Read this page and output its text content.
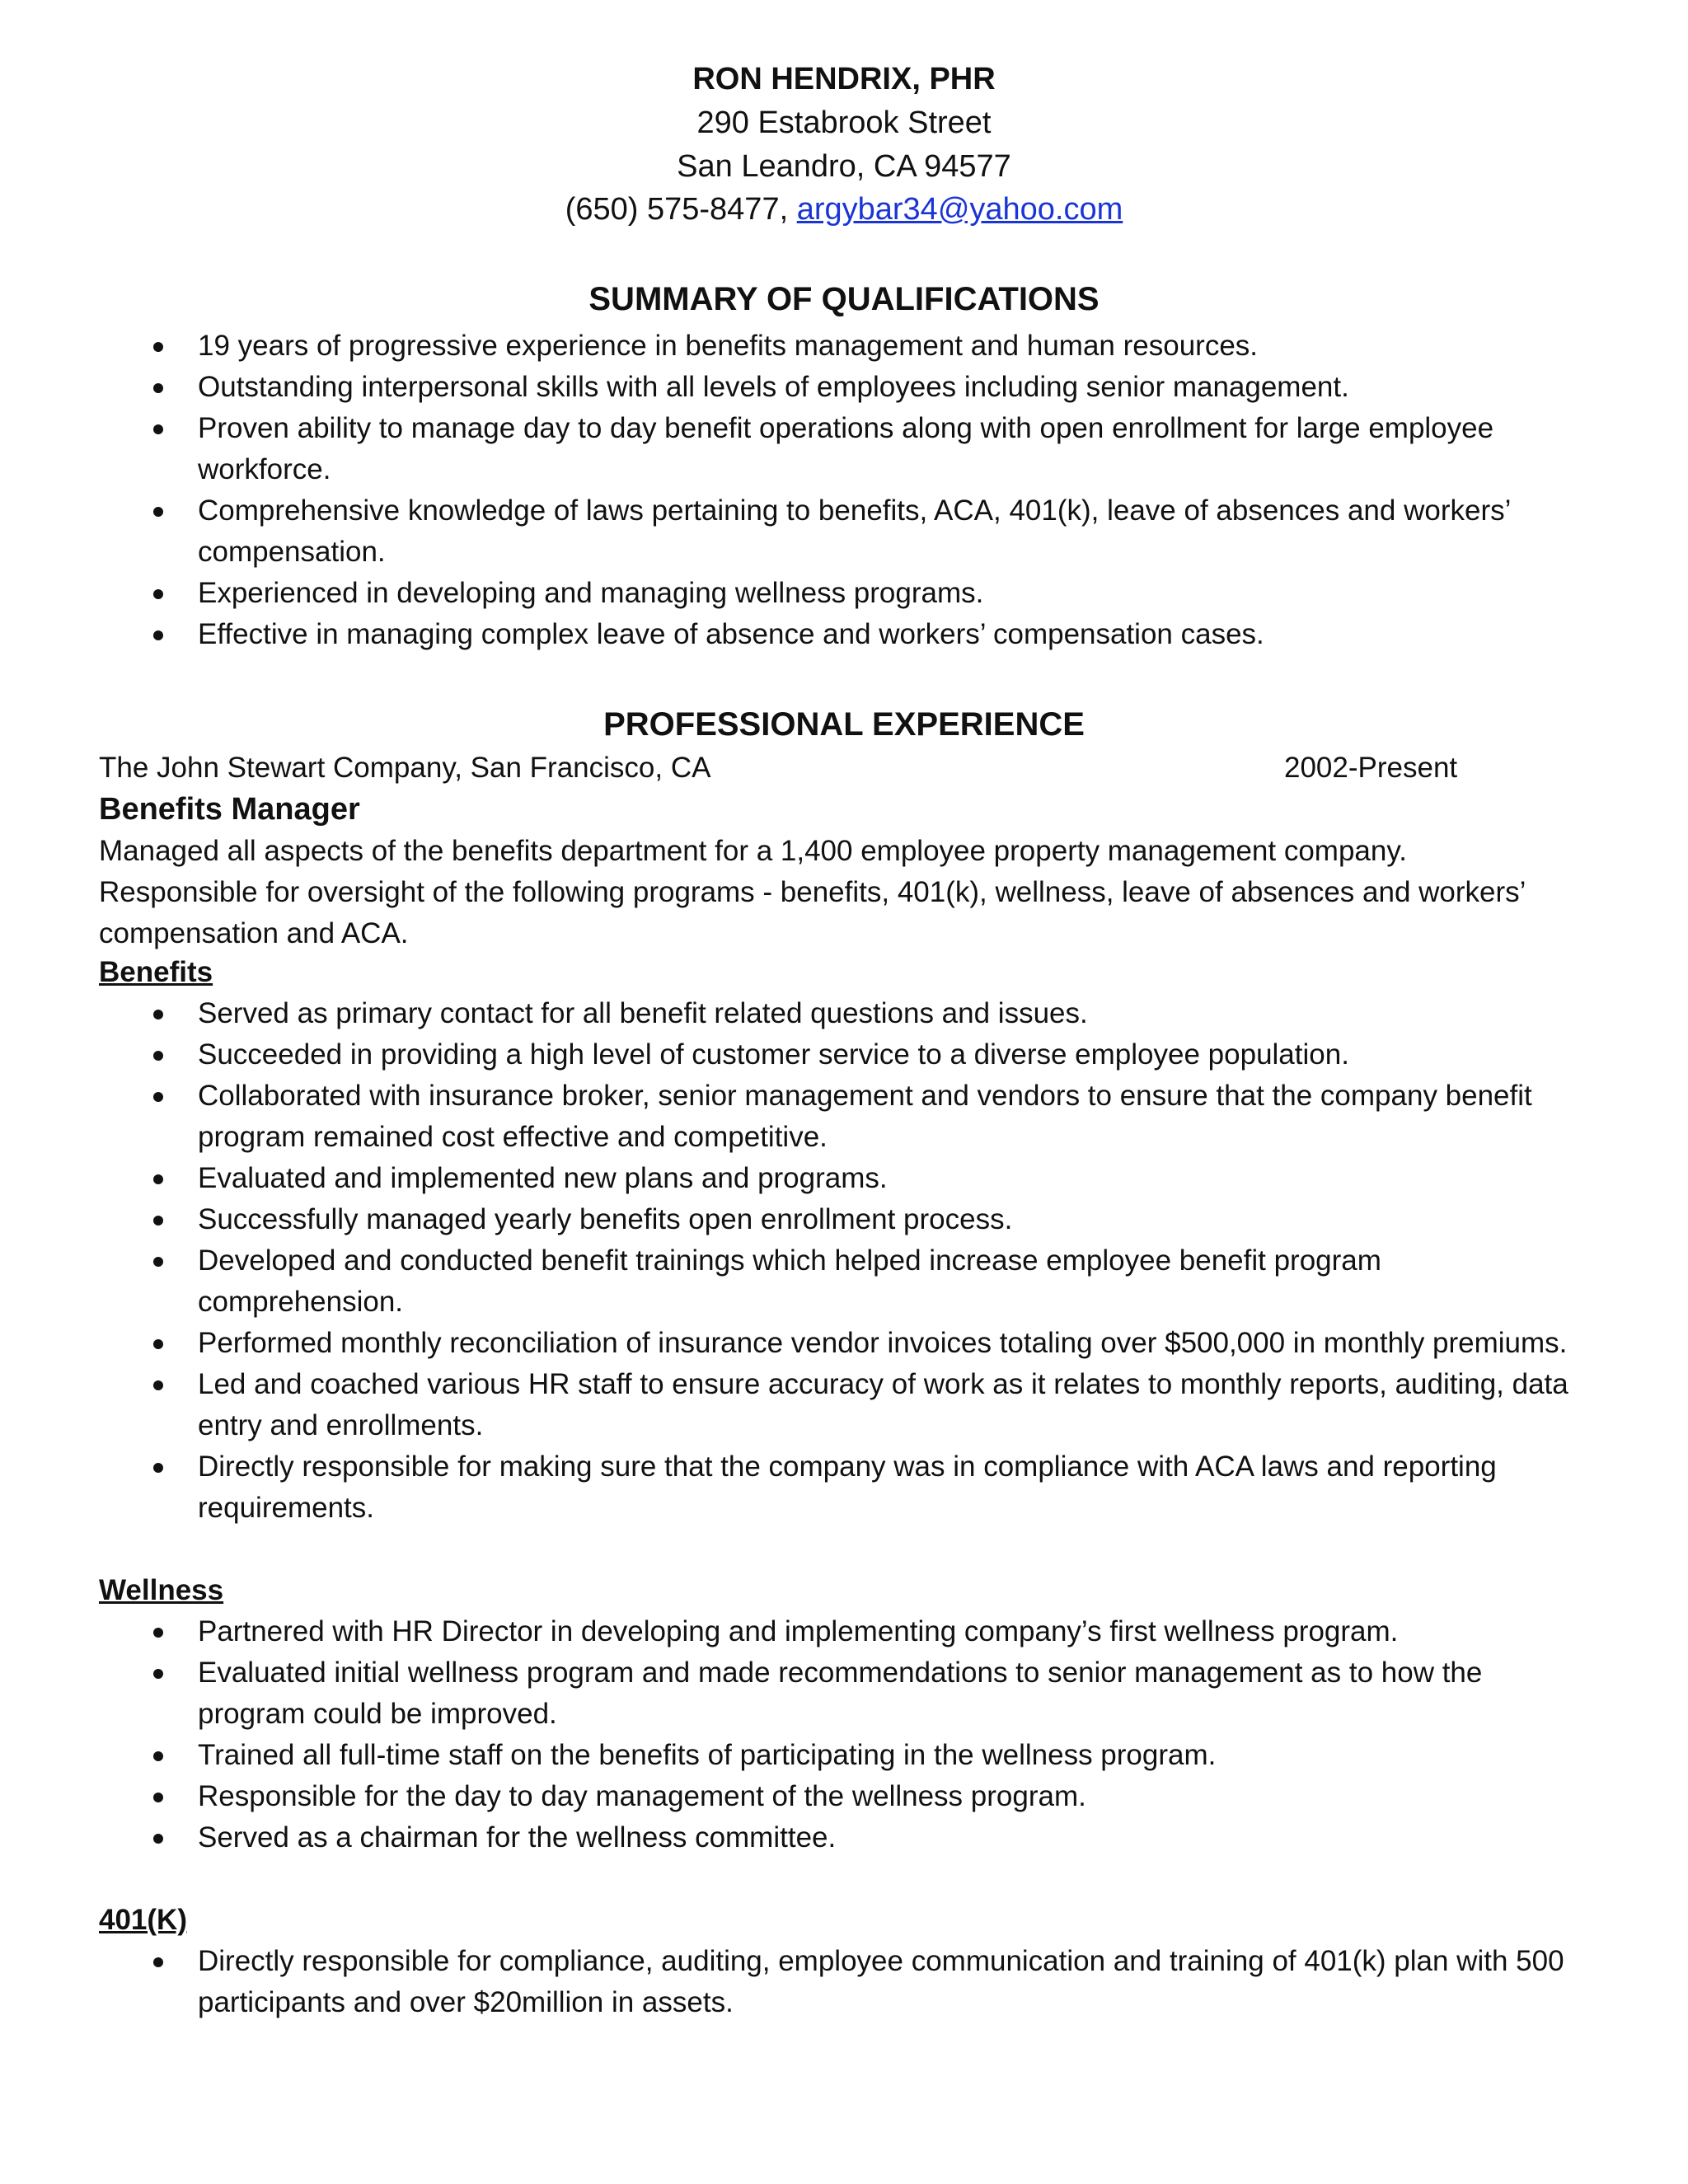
RON HENDRIX, PHR
290 Estabrook Street
San Leandro, CA 94577
(650) 575-8477, argybar34@yahoo.com
SUMMARY OF QUALIFICATIONS
19 years of progressive experience in benefits management and human resources.
Outstanding interpersonal skills with all levels of employees including senior management.
Proven ability to manage day to day benefit operations along with open enrollment for large employee workforce.
Comprehensive knowledge of laws pertaining to benefits, ACA, 401(k), leave of absences and workers’ compensation.
Experienced in developing and managing wellness programs.
Effective in managing complex leave of absence and workers’ compensation cases.
PROFESSIONAL EXPERIENCE
The John Stewart Company, San Francisco, CA	2002-Present
Benefits Manager
Managed all aspects of the benefits department for a 1,400 employee property management company. Responsible for oversight of the following programs - benefits, 401(k), wellness, leave of absences and workers’ compensation and ACA.
Benefits
Served as primary contact for all benefit related questions and issues.
Succeeded in providing a high level of customer service to a diverse employee population.
Collaborated with insurance broker, senior management and vendors to ensure that the company benefit program remained cost effective and competitive.
Evaluated and implemented new plans and programs.
Successfully managed yearly benefits open enrollment process.
Developed and conducted benefit trainings which helped increase employee benefit program comprehension.
Performed monthly reconciliation of insurance vendor invoices totaling over $500,000 in monthly premiums.
Led and coached various HR staff to ensure accuracy of work as it relates to monthly reports, auditing, data entry and enrollments.
Directly responsible for making sure that the company was in compliance with ACA laws and reporting requirements.
Wellness
Partnered with HR Director in developing and implementing company’s first wellness program.
Evaluated initial wellness program and made recommendations to senior management as to how the program could be improved.
Trained all full-time staff on the benefits of participating in the wellness program.
Responsible for the day to day management of the wellness program.
Served as a chairman for the wellness committee.
401(K)
Directly responsible for compliance, auditing, employee communication and training of 401(k) plan with 500 participants and over $20million in assets.
